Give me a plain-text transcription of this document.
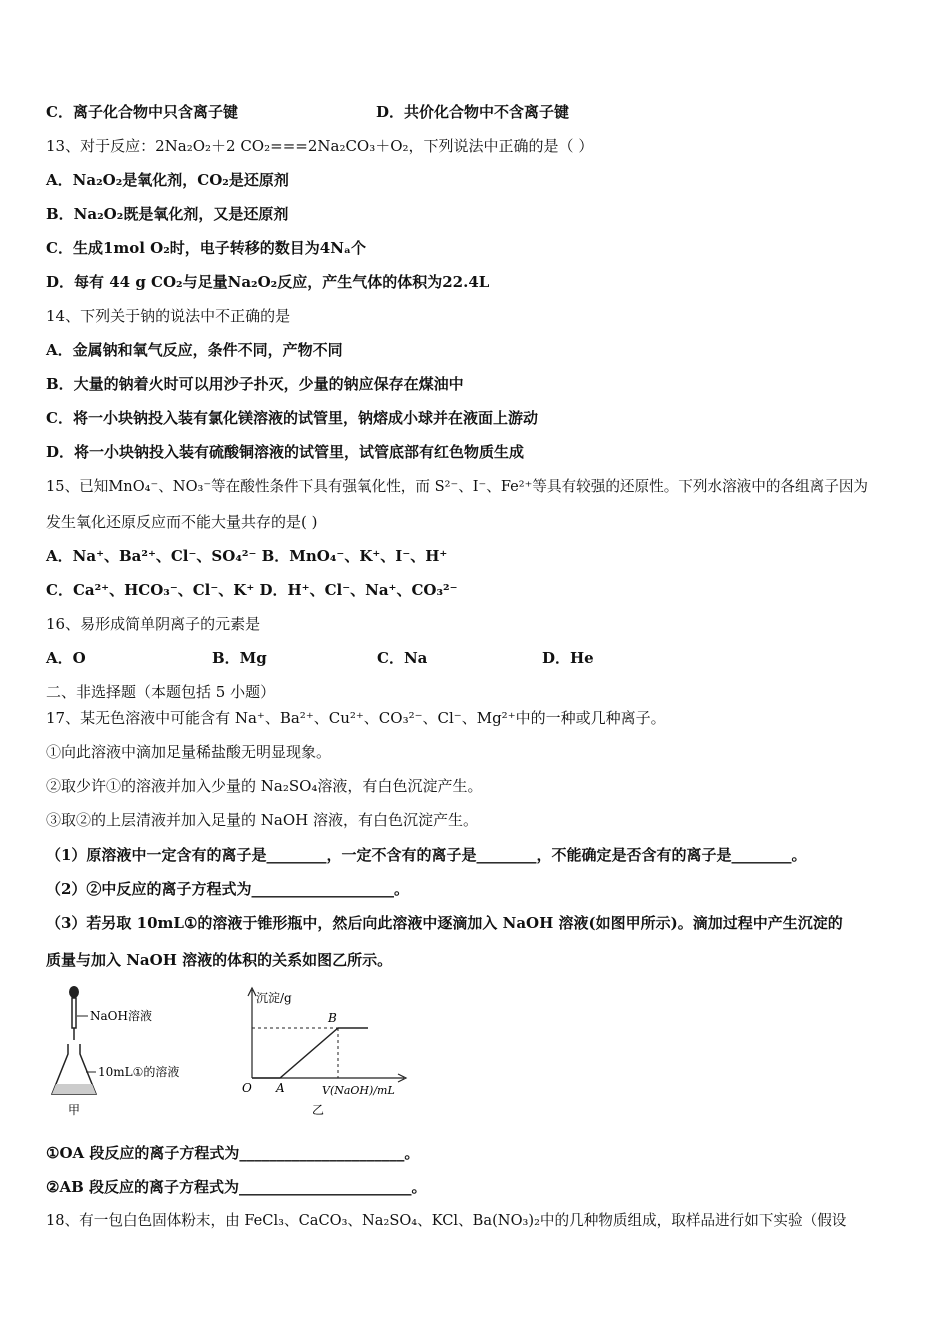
C．离子化合物中只含离子键	D．共价化合物中不含离子键
13、对于反应：2Na₂O₂＋2 CO₂===2Na₂CO₃＋O₂，下列说法中正确的是（ ）
A．Na₂O₂是氧化剂，CO₂是还原剂
B．Na₂O₂既是氧化剂，又是还原剂
C．生成1mol O₂时，电子转移的数目为4Nₐ个
D．每有 44 g CO₂与足量Na₂O₂反应，产生气体的体积为22.4L
14、下列关于钠的说法中不正确的是
A．金属钠和氧气反应，条件不同，产物不同
B．大量的钠着火时可以用沙子扑灭，少量的钠应保存在煤油中
C．将一小块钠投入装有氯化镁溶液的试管里，钠熔成小球并在液面上游动
D．将一小块钠投入装有硫酸铜溶液的试管里，试管底部有红色物质生成
15、已知MnO₄⁻、NO₃⁻等在酸性条件下具有强氧化性，而 S²⁻、I⁻、Fe²⁺等具有较强的还原性。下列水溶液中的各组离子因为
发生氧化还原反应而不能大量共存的是( )
A．Na⁺、Ba²⁺、Cl⁻、SO₄²⁻ B．MnO₄⁻、K⁺、I⁻、H⁺
C．Ca²⁺、HCO₃⁻、Cl⁻、K⁺ D．H⁺、Cl⁻、Na⁺、CO₃²⁻
16、易形成简单阴离子的元素是
A．O	B．Mg	C．Na	D．He
二、非选择题（本题包括 5 小题）
17、某无色溶液中可能含有 Na⁺、Ba²⁺、Cu²⁺、CO₃²⁻、Cl⁻、Mg²⁺中的一种或几种离子。
①向此溶液中滴加足量稀盐酸无明显现象。
②取少许①的溶液并加入少量的 Na₂SO₄溶液，有白色沉淀产生。
③取②的上层清液并加入足量的 NaOH 溶液，有白色沉淀产生。
（1）原溶液中一定含有的离子是________，一定不含有的离子是________，不能确定是否含有的离子是________。
（2）②中反应的离子方程式为___________________。
（3）若另取 10mL①的溶液于锥形瓶中，然后向此溶液中逐滴加入 NaOH 溶液(如图甲所示)。滴加过程中产生沉淀的
质量与加入 NaOH 溶液的体积的关系如图乙所示。
NaOH溶液
10mL①的溶液
甲
沉淀/g
V(NaOH)/mL
O A
B
乙
①OA 段反应的离子方程式为______________________。
②AB 段反应的离子方程式为_______________________。
18、有一包白色固体粉末，由 FeCl₃、CaCO₃、Na₂SO₄、KCl、Ba(NO₃)₂中的几种物质组成，取样品进行如下实验（假设
